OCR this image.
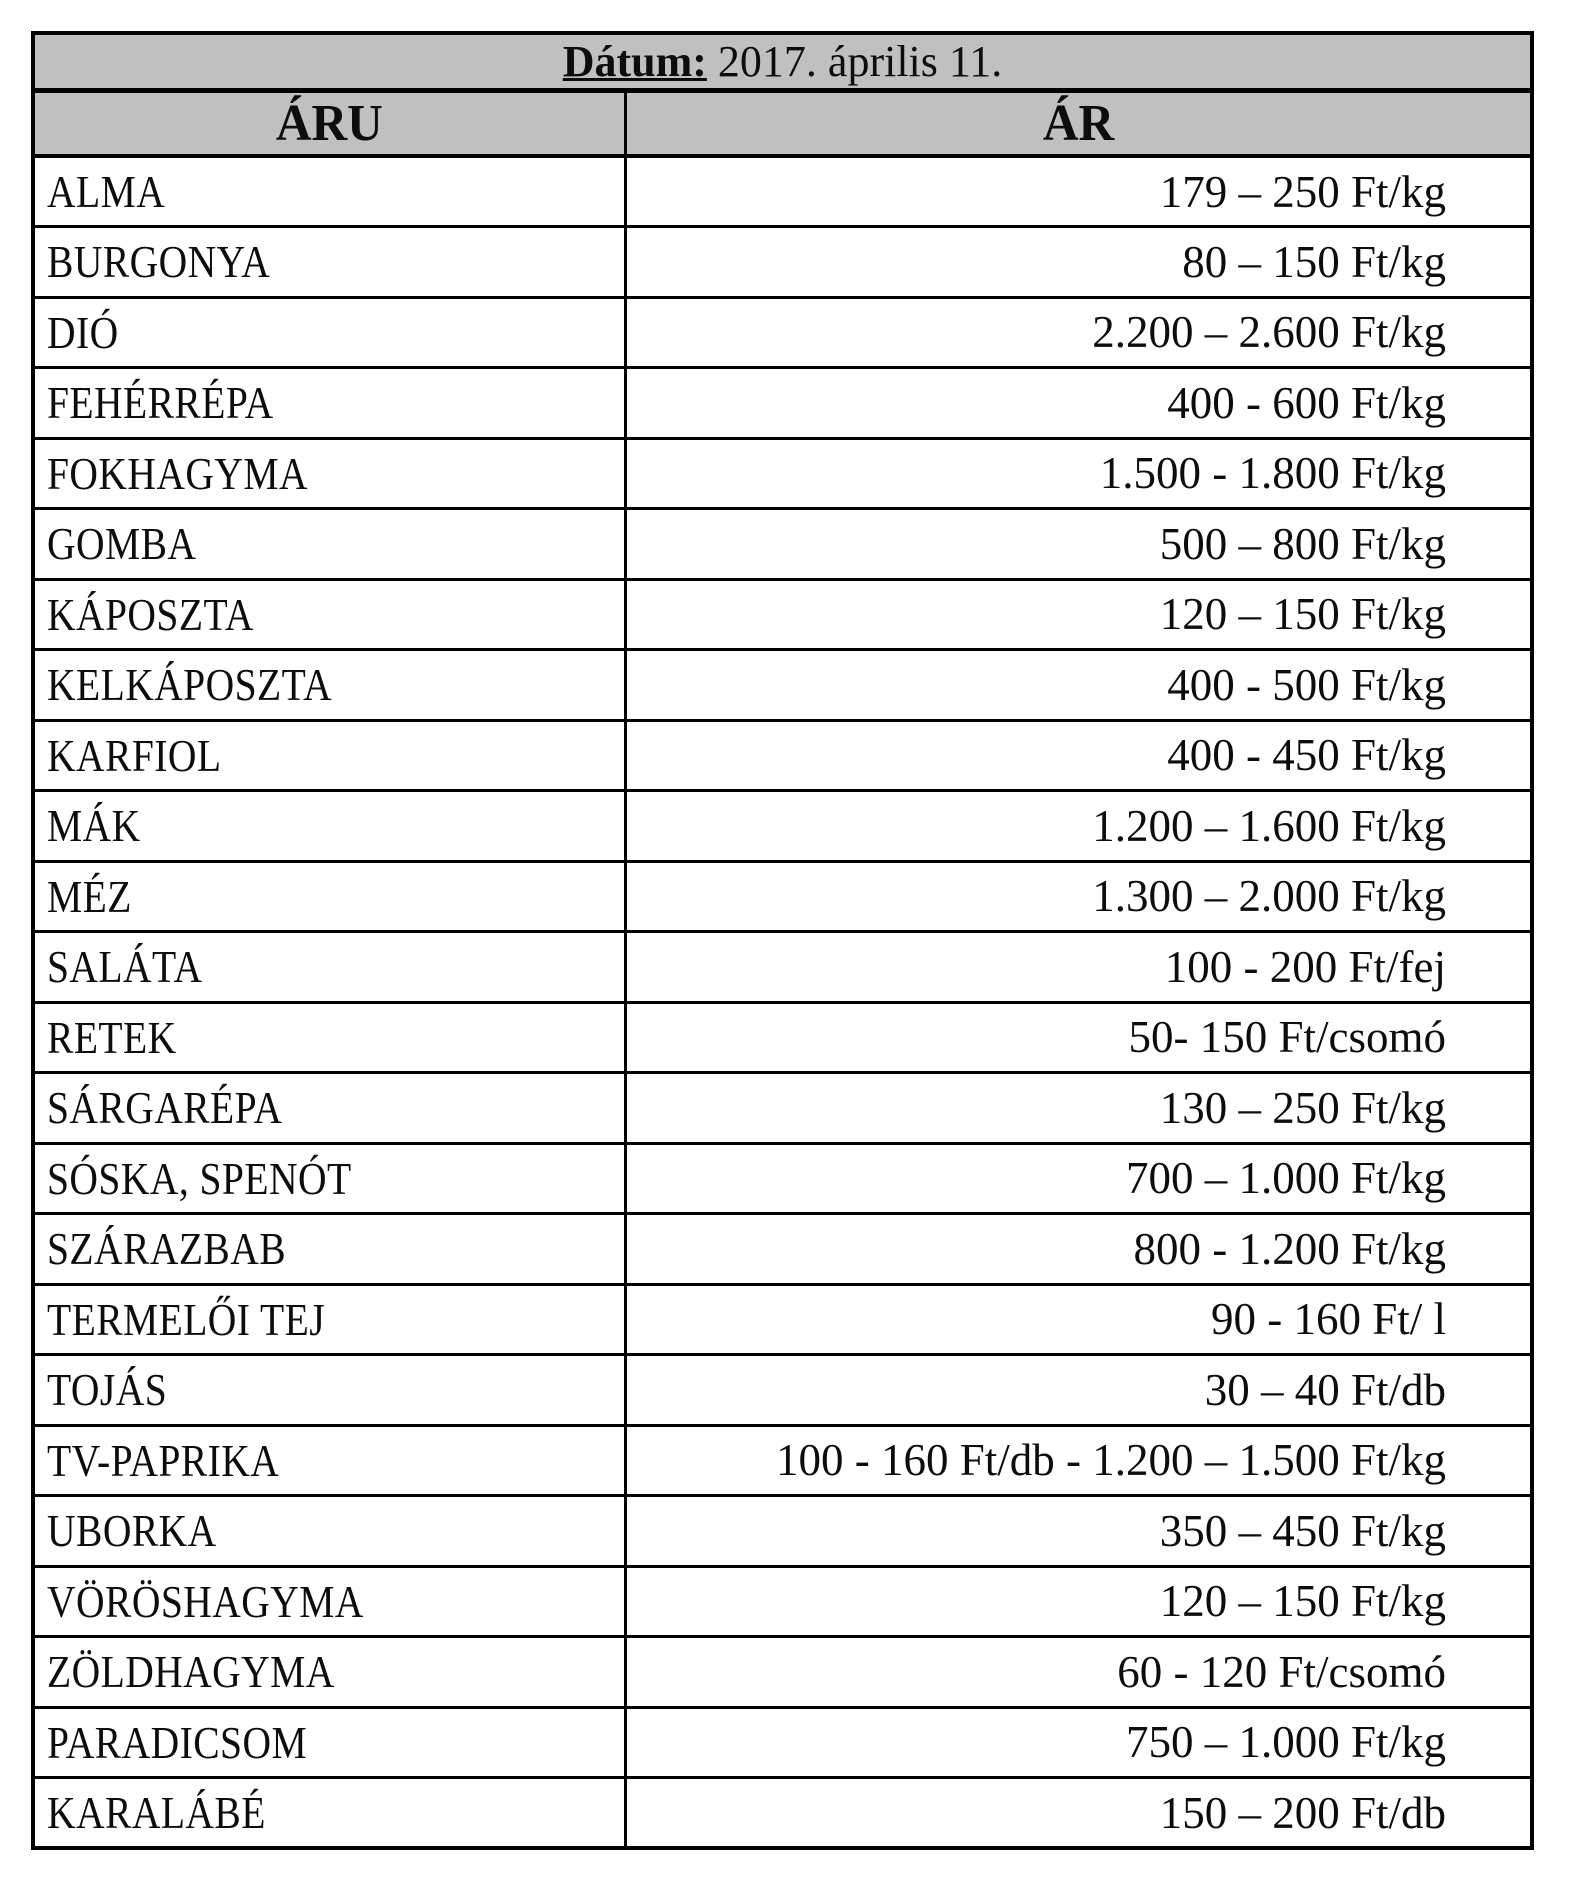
Dátum: 2017. április 11.	
ÁRU	ÁR
ALMA	179 – 250 Ft/kg
BURGONYA	80 – 150 Ft/kg
DIÓ	2.200 – 2.600 Ft/kg
FEHÉRRÉPA	400 - 600 Ft/kg
FOKHAGYMA	1.500 - 1.800 Ft/kg
GOMBA	500 – 800 Ft/kg
KÁPOSZTA	120 – 150 Ft/kg
KELKÁPOSZTA	400 - 500 Ft/kg
KARFIOL	400 - 450 Ft/kg
MÁK	1.200 – 1.600 Ft/kg
MÉZ	1.300 – 2.000 Ft/kg
SALÁTA	100 - 200 Ft/fej
RETEK	50- 150 Ft/csomó
SÁRGARÉPA	130 – 250 Ft/kg
SÓSKA, SPENÓT	700 – 1.000 Ft/kg
SZÁRAZBAB	800 - 1.200 Ft/kg
TERMELŐI TEJ	90 - 160 Ft/ l
TOJÁS	30 – 40 Ft/db
TV-PAPRIKA	100 - 160 Ft/db - 1.200 – 1.500 Ft/kg
UBORKA	350 – 450 Ft/kg
VÖRÖSHAGYMA	120 – 150 Ft/kg
ZÖLDHAGYMA	60 - 120 Ft/csomó
PARADICSOM	750 – 1.000 Ft/kg
KARALÁBÉ	150 – 200 Ft/db
